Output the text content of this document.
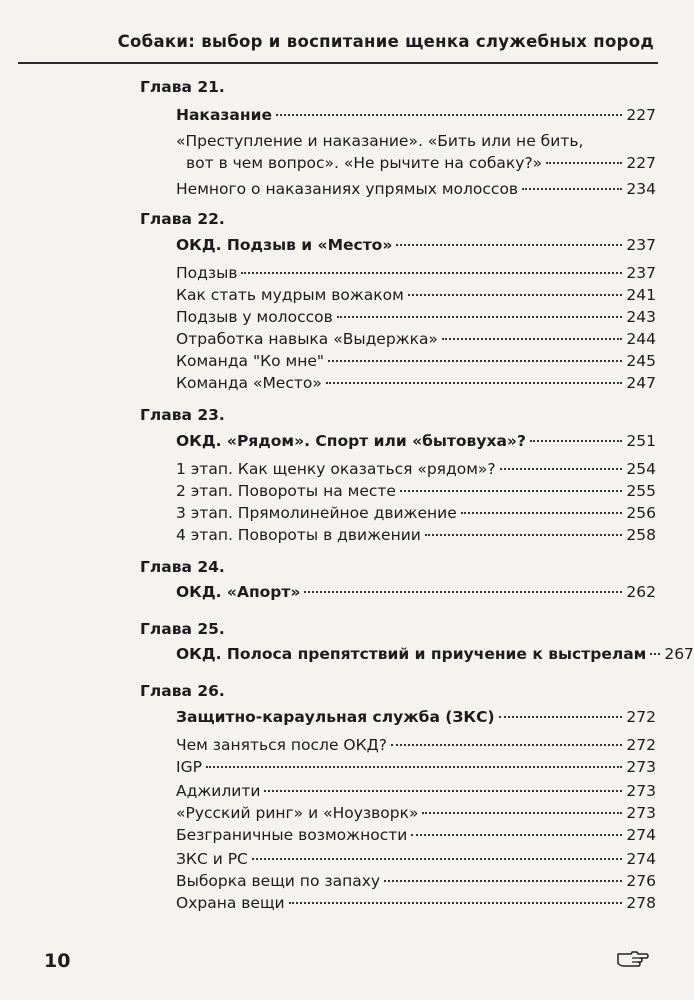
Собаки: выбор и воспитание щенка служебных пород
Глава 21.
Наказание	227
«Преступление и наказание». «Бить или не бить,
вот в чем вопрос». «Не рычите на собаку?»	227
Немного о наказаниях упрямых молоссов	234
Глава 22.
ОКД. Подзыв и «Место»	237
Подзыв	237
Как стать мудрым вожаком	241
Подзыв у молоссов	243
Отработка навыка «Выдержка»	244
Команда "Ко мне"	245
Команда «Место»	247
Глава 23.
ОКД. «Рядом». Спорт или «бытовуха»?	251
1 этап. Как щенку оказаться «рядом»?	254
2 этап. Повороты на месте	255
3 этап. Прямолинейное движение	256
4 этап. Повороты в движении	258
Глава 24.
ОКД. «Апорт»	262
Глава 25.
ОКД. Полоса препятствий и приучение к выстрелам 267
Глава 26.
Защитно-караульная служба (ЗКС)	272
Чем заняться после ОКД?	272
IGP	273
Аджилити	273
«Русский ринг» и «Ноузворк»	273
Безграничные возможности	274
ЗКС и РС	274
Выборка вещи по запаху	276
Охрана вещи	278
10
